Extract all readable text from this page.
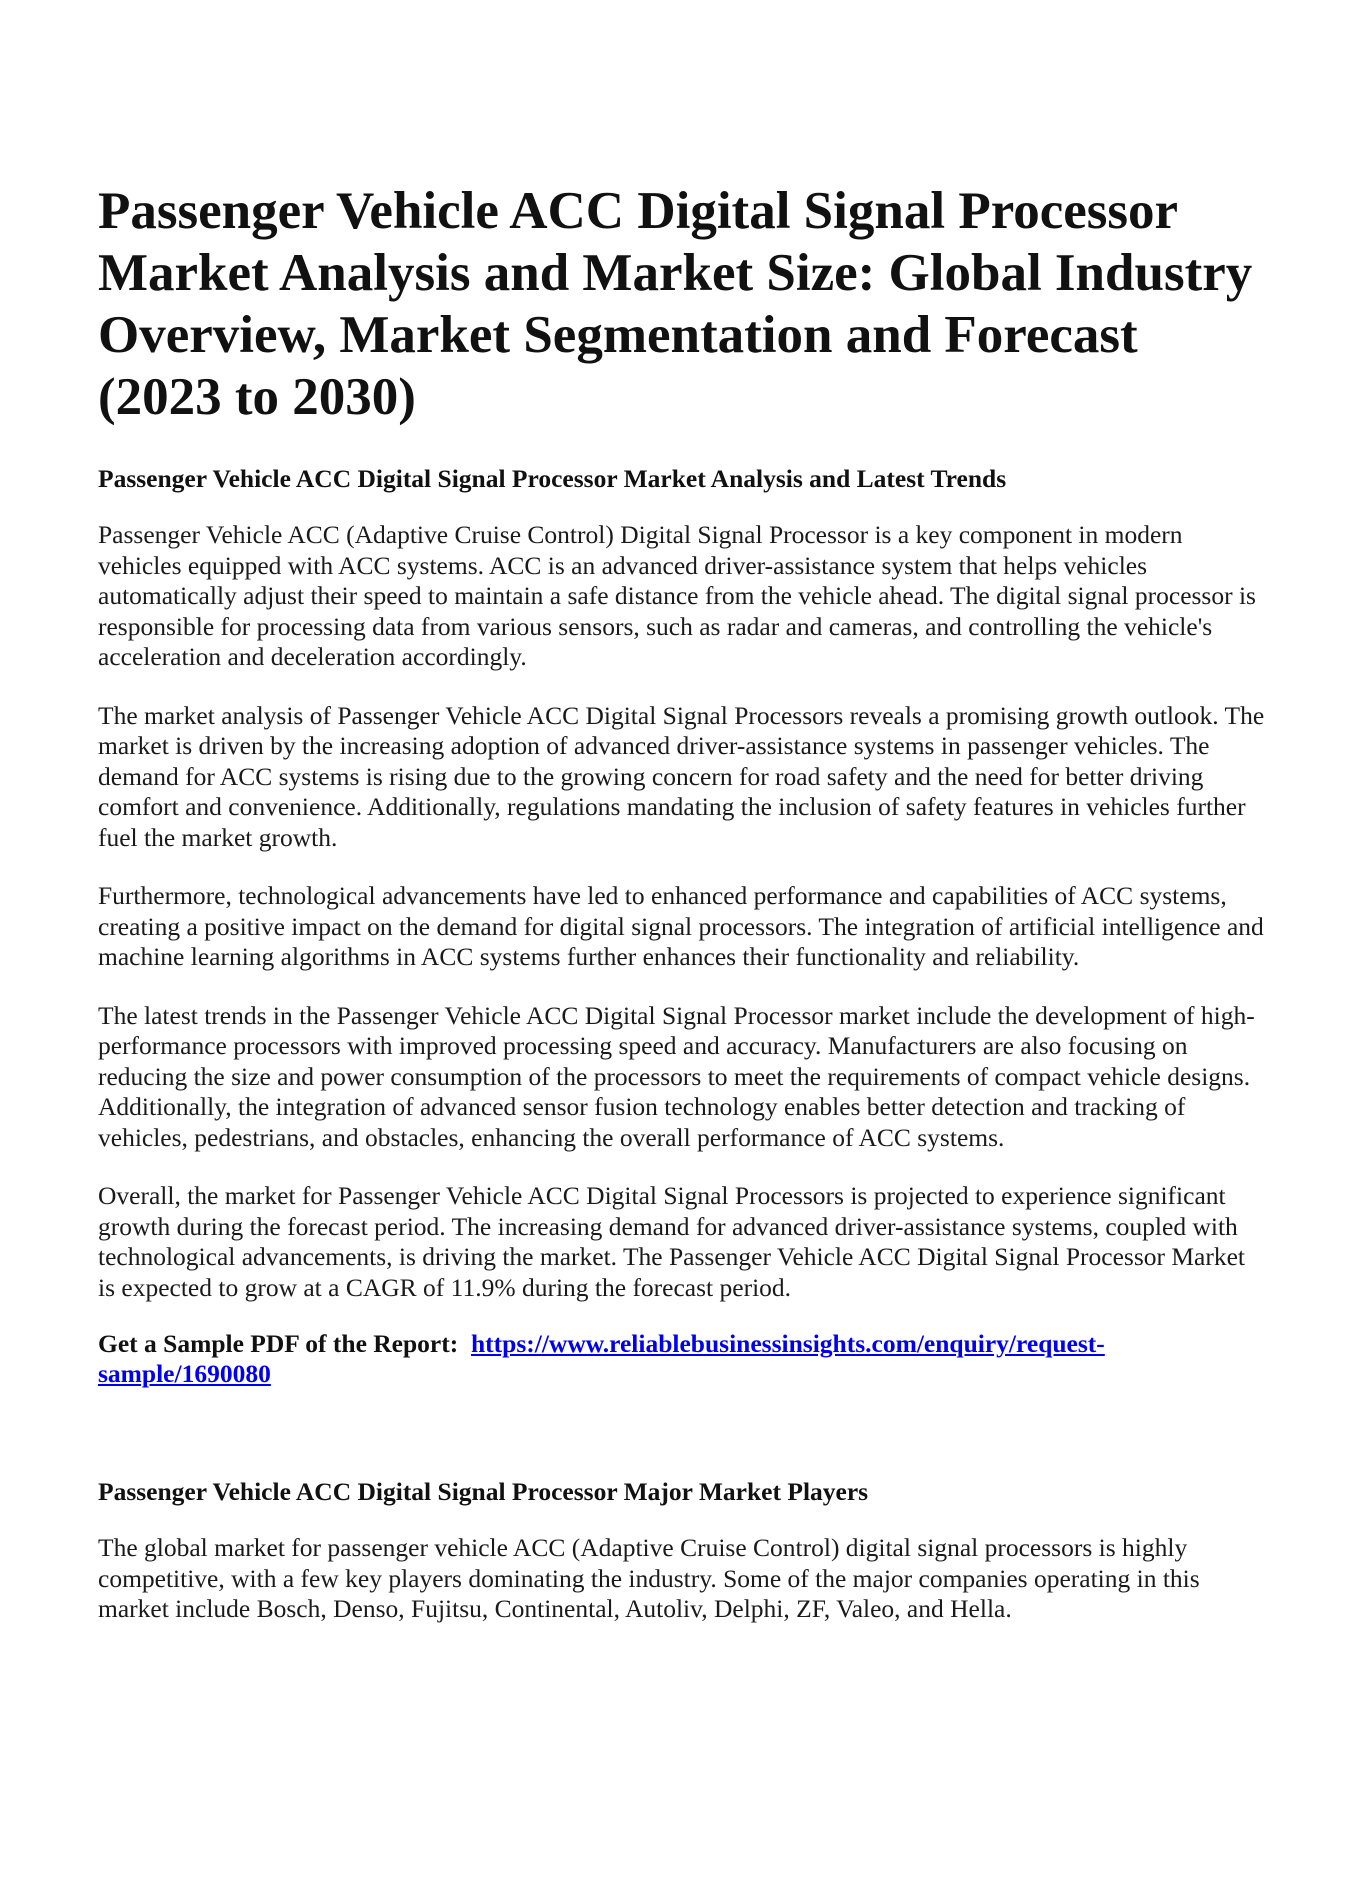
Passenger Vehicle ACC Digital Signal Processor Market Analysis and Market Size: Global Industry Overview, Market Segmentation and Forecast (2023 to 2030)
Passenger Vehicle ACC Digital Signal Processor Market Analysis and Latest Trends

Passenger Vehicle ACC (Adaptive Cruise Control) Digital Signal Processor is a key component in modern vehicles equipped with ACC systems. ACC is an advanced driver-assistance system that helps vehicles automatically adjust their speed to maintain a safe distance from the vehicle ahead. The digital signal processor is responsible for processing data from various sensors, such as radar and cameras, and controlling the vehicle's acceleration and deceleration accordingly.

The market analysis of Passenger Vehicle ACC Digital Signal Processors reveals a promising growth outlook. The market is driven by the increasing adoption of advanced driver-assistance systems in passenger vehicles. The demand for ACC systems is rising due to the growing concern for road safety and the need for better driving comfort and convenience. Additionally, regulations mandating the inclusion of safety features in vehicles further fuel the market growth.

Furthermore, technological advancements have led to enhanced performance and capabilities of ACC systems, creating a positive impact on the demand for digital signal processors. The integration of artificial intelligence and machine learning algorithms in ACC systems further enhances their functionality and reliability.

The latest trends in the Passenger Vehicle ACC Digital Signal Processor market include the development of high-performance processors with improved processing speed and accuracy. Manufacturers are also focusing on reducing the size and power consumption of the processors to meet the requirements of compact vehicle designs. Additionally, the integration of advanced sensor fusion technology enables better detection and tracking of vehicles, pedestrians, and obstacles, enhancing the overall performance of ACC systems.

Overall, the market for Passenger Vehicle ACC Digital Signal Processors is projected to experience significant growth during the forecast period. The increasing demand for advanced driver-assistance systems, coupled with technological advancements, is driving the market. The Passenger Vehicle ACC Digital Signal Processor Market is expected to grow at a CAGR of 11.9% during the forecast period.

Get a Sample PDF of the Report: https://www.reliablebusinessinsights.com/enquiry/request-sample/1690080
Passenger Vehicle ACC Digital Signal Processor Major Market Players

The global market for passenger vehicle ACC (Adaptive Cruise Control) digital signal processors is highly competitive, with a few key players dominating the industry. Some of the major companies operating in this market include Bosch, Denso, Fujitsu, Continental, Autoliv, Delphi, ZF, Valeo, and Hella.
